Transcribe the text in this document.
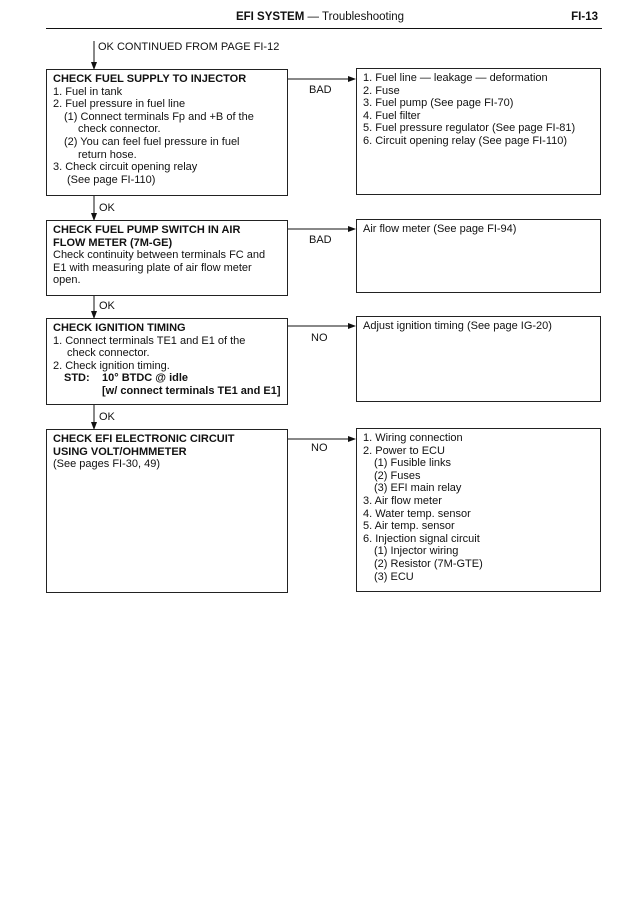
EFI SYSTEM — Troubleshooting	FI-13
OK CONTINUED FROM PAGE FI-12
CHECK FUEL SUPPLY TO INJECTOR
1. Fuel in tank
2. Fuel pressure in fuel line
(1) Connect terminals Fp and +B of the
check connector.
(2) You can feel fuel pressure in fuel
return hose.
3. Check circuit opening relay
(See page FI-110)
BAD
1. Fuel line — leakage — deformation
2. Fuse
3. Fuel pump (See page FI-70)
4. Fuel filter
5. Fuel pressure regulator (See page FI-81)
6. Circuit opening relay (See page FI-110)
OK
CHECK FUEL PUMP SWITCH IN AIR
FLOW METER (7M-GE)
Check continuity between terminals FC and
E1 with measuring plate of air flow meter
open.
BAD
Air flow meter (See page FI-94)
OK
CHECK IGNITION TIMING
1. Connect terminals TE1 and E1 of the
check connector.
2. Check ignition timing.
STD: 10° BTDC @ idle
[w/ connect terminals TE1 and E1]
NO
Adjust ignition timing (See page IG-20)
OK
CHECK EFI ELECTRONIC CIRCUIT
USING VOLT/OHMMETER
(See pages FI-30, 49)
NO
1. Wiring connection
2. Power to ECU
(1) Fusible links
(2) Fuses
(3) EFI main relay
3. Air flow meter
4. Water temp. sensor
5. Air temp. sensor
6. Injection signal circuit
(1) Injector wiring
(2) Resistor (7M-GTE)
(3) ECU
